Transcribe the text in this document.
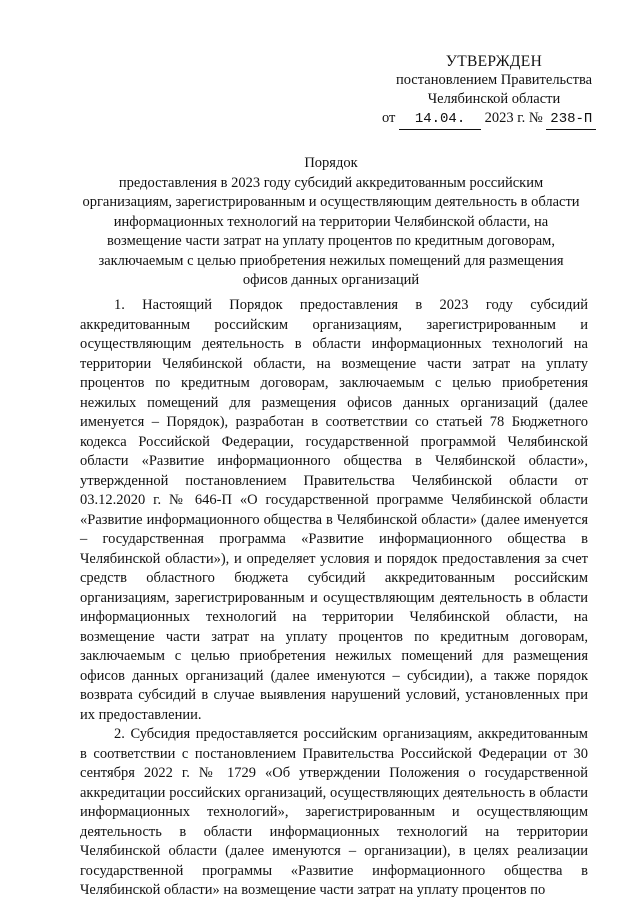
УТВЕРЖДЕН
постановлением Правительства
Челябинской области
от 14.04. 2023 г. № 238-П
Порядок
предоставления в 2023 году субсидий аккредитованным российским
организациям, зарегистрированным и осуществляющим деятельность в области
информационных технологий на территории Челябинской области, на
возмещение части затрат на уплату процентов по кредитным договорам,
заключаемым с целью приобретения нежилых помещений для размещения
офисов данных организаций

1. Настоящий Порядок предоставления в 2023 году субсидий аккредитованным российским организациям, зарегистрированным и осуществляющим деятельность в области информационных технологий на территории Челябинской области, на возмещение части затрат на уплату процентов по кредитным договорам, заключаемым с целью приобретения нежилых помещений для размещения офисов данных организаций (далее именуется – Порядок), разработан в соответствии со статьей 78 Бюджетного кодекса Российской Федерации, государственной программой Челябинской области «Развитие информационного общества в Челябинской области», утвержденной постановлением Правительства Челябинской области от 03.12.2020 г. № 646-П «О государственной программе Челябинской области «Развитие информационного общества в Челябинской области» (далее именуется – государственная программа «Развитие информационного общества в Челябинской области»), и определяет условия и порядок предоставления за счет средств областного бюджета субсидий аккредитованным российским организациям, зарегистрированным и осуществляющим деятельность в области информационных технологий на территории Челябинской области, на возмещение части затрат на уплату процентов по кредитным договорам, заключаемым с целью приобретения нежилых помещений для размещения офисов данных организаций (далее именуются – субсидии), а также порядок возврата субсидий в случае выявления нарушений условий, установленных при их предоставлении.

2. Субсидия предоставляется российским организациям, аккредитованным в соответствии с постановлением Правительства Российской Федерации от 30 сентября 2022 г. № 1729 «Об утверждении Положения о государственной аккредитации российских организаций, осуществляющих деятельность в области информационных технологий», зарегистрированным и осуществляющим деятельность в области информационных технологий на территории Челябинской области (далее именуются – организации), в целях реализации государственной программы «Развитие информационного общества в Челябинской области» на возмещение части затрат на уплату процентов по
